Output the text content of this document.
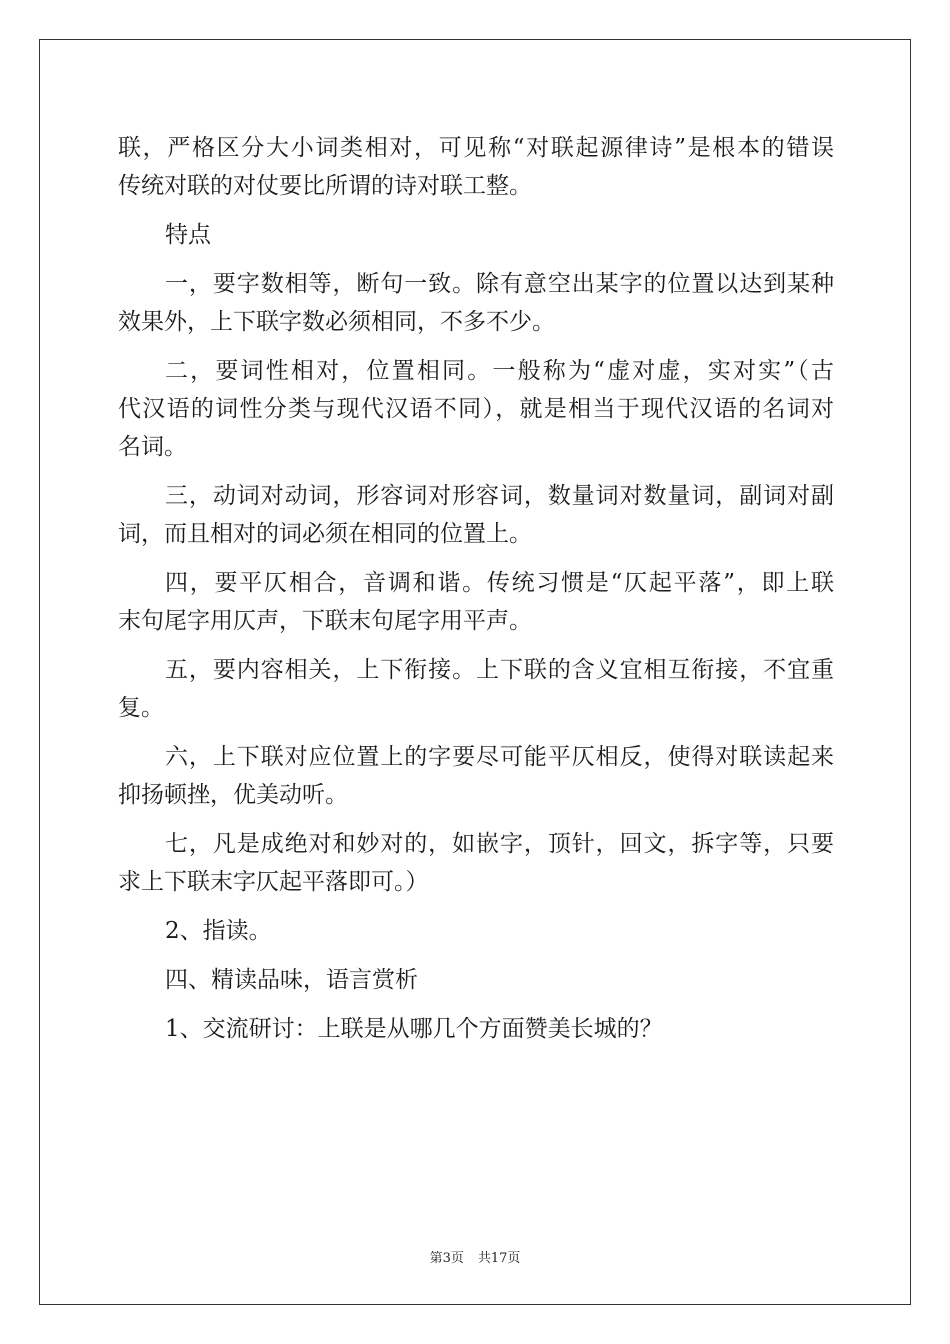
联，严格区分大小词类相对，可见称“对联起源律诗”是根本的错误
传统对联的对仗要比所谓的诗对联工整。
特点
一，要字数相等，断句一致。除有意空出某字的位置以达到某种
效果外，上下联字数必须相同，不多不少。
二，要词性相对，位置相同。一般称为“虚对虚，实对实”（古
代汉语的词性分类与现代汉语不同），就是相当于现代汉语的名词对
名词。
三，动词对动词，形容词对形容词，数量词对数量词，副词对副
词，而且相对的词必须在相同的位置上。
四，要平仄相合，音调和谐。传统习惯是“仄起平落”，即上联
末句尾字用仄声，下联末句尾字用平声。
五，要内容相关，上下衔接。上下联的含义宜相互衔接，不宜重
复。
六，上下联对应位置上的字要尽可能平仄相反，使得对联读起来
抑扬顿挫，优美动听。
七，凡是成绝对和妙对的，如嵌字，顶针，回文，拆字等，只要
求上下联末字仄起平落即可。）
2、指读。
四、精读品味，语言赏析
1、交流研讨：上联是从哪几个方面赞美长城的？
第3页 共17页
